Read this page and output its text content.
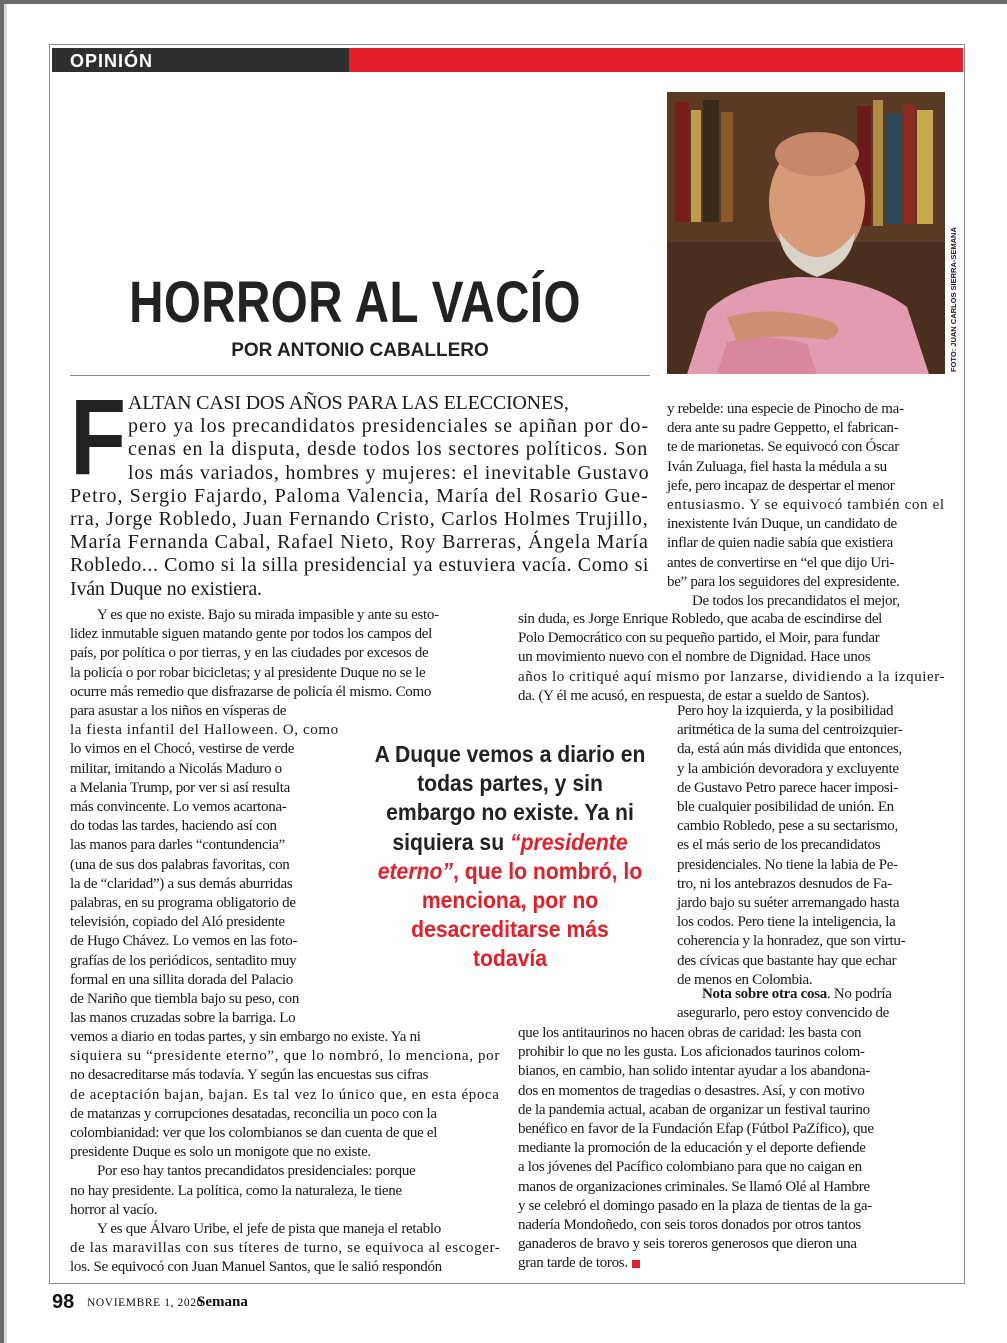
OPINIÓN
FOTO: JUAN CARLOS SIERRA-SEMANA
HORROR AL VACÍO
POR ANTONIO CABALLERO
F ALTAN CASI DOS AÑOS PARA LAS ELECCIONES,

pero ya los precandidatos presidenciales se apiñan por do-

cenas en la disputa, desde todos los sectores políticos. Son

los más variados, hombres y mujeres: el inevitable Gustavo

Petro, Sergio Fajardo, Paloma Valencia, María del Rosario Gue-

rra, Jorge Robledo, Juan Fernando Cristo, Carlos Holmes Trujillo,

María Fernanda Cabal, Rafael Nieto, Roy Barreras, Ángela María

Robledo... Como si la silla presidencial ya estuviera vacía. Como si

Iván Duque no existiera.

Y es que no existe. Bajo su mirada impasible y ante su esto-

lidez inmutable siguen matando gente por todos los campos del

país, por política o por tierras, y en las ciudades por excesos de

la policía o por robar bicicletas; y al presidente Duque no se le

ocurre más remedio que disfrazarse de policía él mismo. Como

para asustar a los niños en vísperas de

la fiesta infantil del Halloween. O, como

lo vimos en el Chocó, vestirse de verde

militar, imitando a Nicolás Maduro o

a Melania Trump, por ver si así resulta

más convincente. Lo vemos acartona-

do todas las tardes, haciendo así con

las manos para darles “contundencia”

(una de sus dos palabras favoritas, con

la de “claridad”) a sus demás aburridas

palabras, en su programa obligatorio de

televisión, copiado del Aló presidente

de Hugo Chávez. Lo vemos en las foto-

grafías de los periódicos, sentadito muy

formal en una sillita dorada del Palacio

de Nariño que tiembla bajo su peso, con

las manos cruzadas sobre la barriga. Lo

vemos a diario en todas partes, y sin embargo no existe. Ya ni

siquiera su “presidente eterno”, que lo nombró, lo menciona, por

no desacreditarse más todavía. Y según las encuestas sus cifras

de aceptación bajan, bajan. Es tal vez lo único que, en esta época

de matanzas y corrupciones desatadas, reconcilia un poco con la

colombianidad: ver que los colombianos se dan cuenta de que el

presidente Duque es solo un monigote que no existe.

Por eso hay tantos precandidatos presidenciales: porque

no hay presidente. La política, como la naturaleza, le tiene

horror al vacío.

Y es que Álvaro Uribe, el jefe de pista que maneja el retablo

de las maravillas con sus títeres de turno, se equivoca al escoger-

los. Se equivocó con Juan Manuel Santos, que le salió respondón

y rebelde: una especie de Pinocho de ma-

dera ante su padre Geppetto, el fabrican-

te de marionetas. Se equivocó con Óscar

Iván Zuluaga, fiel hasta la médula a su

jefe, pero incapaz de despertar el menor

entusiasmo. Y se equivocó también con el

inexistente Iván Duque, un candidato de

inflar de quien nadie sabía que existiera

antes de convertirse en “el que dijo Uri-

be” para los seguidores del expresidente.

De todos los precandidatos el mejor,

sin duda, es Jorge Enrique Robledo, que acaba de escindirse del

Polo Democrático con su pequeño partido, el Moir, para fundar

un movimiento nuevo con el nombre de Dignidad. Hace unos

años lo critiqué aquí mismo por lanzarse, dividiendo a la izquier-

da. (Y él me acusó, en respuesta, de estar a sueldo de Santos).

Pero hoy la izquierda, y la posibilidad

aritmética de la suma del centroizquier-

da, está aún más dividida que entonces,

y la ambición devoradora y excluyente

de Gustavo Petro parece hacer imposi-

ble cualquier posibilidad de unión. En

cambio Robledo, pese a su sectarismo,

es el más serio de los precandidatos

presidenciales. No tiene la labia de Pe-

tro, ni los antebrazos desnudos de Fa-

jardo bajo su suéter arremangado hasta

los codos. Pero tiene la inteligencia, la

coherencia y la honradez, que son virtu-

des cívicas que bastante hay que echar

de menos en Colombia.

Nota sobre otra cosa. No podría

asegurarlo, pero estoy convencido de

que los antitaurinos no hacen obras de caridad: les basta con

prohibir lo que no les gusta. Los aficionados taurinos colom-

bianos, en cambio, han solido intentar ayudar a los abandona-

dos en momentos de tragedias o desastres. Así, y con motivo

de la pandemia actual, acaban de organizar un festival taurino

benéfico en favor de la Fundación Efap (Fútbol PaZífico), que

mediante la promoción de la educación y el deporte defiende

a los jóvenes del Pacífico colombiano para que no caigan en

manos de organizaciones criminales. Se llamó Olé al Hambre

y se celebró el domingo pasado en la plaza de tientas de la ga-

nadería Mondoñedo, con seis toros donados por otros tantos

ganaderos de bravo y seis toreros generosos que dieron una

gran tarde de toros.

A Duque vemos a diario en todas partes, y sin embargo no existe. Ya ni siquiera su “presidente eterno”, que lo nombró, lo menciona, por no desacreditarse más todavía
98 NOVIEMBRE 1, 2020
Semana
